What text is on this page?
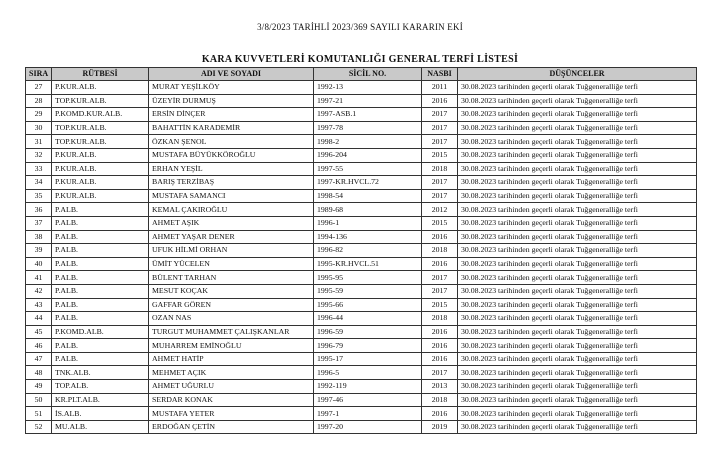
3/8/2023 TARİHLİ 2023/369 SAYILI KARARIN EKİ
KARA KUVVETLERİ KOMUTANLIĞI GENERAL TERFİ LİSTESİ
SIRA	RÜTBESİ	ADI VE SOYADI	SİCİL NO.	NASBI	DÜŞÜNCELER
27	P.KUR.ALB.	MURAT YEŞİLKÖY	1992-13	2011	30.08.2023 tarihinden geçerli olarak Tuğgeneralliğe terfi
28	TOP.KUR.ALB.	ÜZEYİR DURMUŞ	1997-21	2016	30.08.2023 tarihinden geçerli olarak Tuğgeneralliğe terfi
29	P.KOMD.KUR.ALB.	ERSİN DİNÇER	1997-ASB.1	2017	30.08.2023 tarihinden geçerli olarak Tuğgeneralliğe terfi
30	TOP.KUR.ALB.	BAHATTİN KARADEMİR	1997-78	2017	30.08.2023 tarihinden geçerli olarak Tuğgeneralliğe terfi
31	TOP.KUR.ALB.	ÖZKAN ŞENOL	1998-2	2017	30.08.2023 tarihinden geçerli olarak Tuğgeneralliğe terfi
32	P.KUR.ALB.	MUSTAFA BÜYÜKKÖROĞLU	1996-204	2015	30.08.2023 tarihinden geçerli olarak Tuğgeneralliğe terfi
33	P.KUR.ALB.	ERHAN YEŞİL	1997-55	2018	30.08.2023 tarihinden geçerli olarak Tuğgeneralliğe terfi
34	P.KUR.ALB.	BARIŞ TERZİBAŞ	1997-KR.HVCL.72	2017	30.08.2023 tarihinden geçerli olarak Tuğgeneralliğe terfi
35	P.KUR.ALB.	MUSTAFA SAMANCI	1998-54	2017	30.08.2023 tarihinden geçerli olarak Tuğgeneralliğe terfi
36	P.ALB.	KEMAL ÇAKIROĞLU	1989-68	2012	30.08.2023 tarihinden geçerli olarak Tuğgeneralliğe terfi
37	P.ALB.	AHMET AŞIK	1996-1	2015	30.08.2023 tarihinden geçerli olarak Tuğgeneralliğe terfi
38	P.ALB.	AHMET YAŞAR DENER	1994-136	2016	30.08.2023 tarihinden geçerli olarak Tuğgeneralliğe terfi
39	P.ALB.	UFUK HİLMİ ORHAN	1996-82	2018	30.08.2023 tarihinden geçerli olarak Tuğgeneralliğe terfi
40	P.ALB.	ÜMİT YÜCELEN	1995-KR.HVCL.51	2016	30.08.2023 tarihinden geçerli olarak Tuğgeneralliğe terfi
41	P.ALB.	BÜLENT TARHAN	1995-95	2017	30.08.2023 tarihinden geçerli olarak Tuğgeneralliğe terfi
42	P.ALB.	MESUT KOÇAK	1995-59	2017	30.08.2023 tarihinden geçerli olarak Tuğgeneralliğe terfi
43	P.ALB.	GAFFAR GÖREN	1995-66	2015	30.08.2023 tarihinden geçerli olarak Tuğgeneralliğe terfi
44	P.ALB.	OZAN NAS	1996-44	2018	30.08.2023 tarihinden geçerli olarak Tuğgeneralliğe terfi
45	P.KOMD.ALB.	TURGUT MUHAMMET ÇALIŞKANLAR	1996-59	2016	30.08.2023 tarihinden geçerli olarak Tuğgeneralliğe terfi
46	P.ALB.	MUHARREM EMİNOĞLU	1996-79	2016	30.08.2023 tarihinden geçerli olarak Tuğgeneralliğe terfi
47	P.ALB.	AHMET HATİP	1995-17	2016	30.08.2023 tarihinden geçerli olarak Tuğgeneralliğe terfi
48	TNK.ALB.	MEHMET AÇIK	1996-5	2017	30.08.2023 tarihinden geçerli olarak Tuğgeneralliğe terfi
49	TOP.ALB.	AHMET UĞURLU	1992-119	2013	30.08.2023 tarihinden geçerli olarak Tuğgeneralliğe terfi
50	KR.PLT.ALB.	SERDAR KONAK	1997-46	2018	30.08.2023 tarihinden geçerli olarak Tuğgeneralliğe terfi
51	İS.ALB.	MUSTAFA YETER	1997-1	2016	30.08.2023 tarihinden geçerli olarak Tuğgeneralliğe terfi
52	MU.ALB.	ERDOĞAN ÇETİN	1997-20	2019	30.08.2023 tarihinden geçerli olarak Tuğgeneralliğe terfi
